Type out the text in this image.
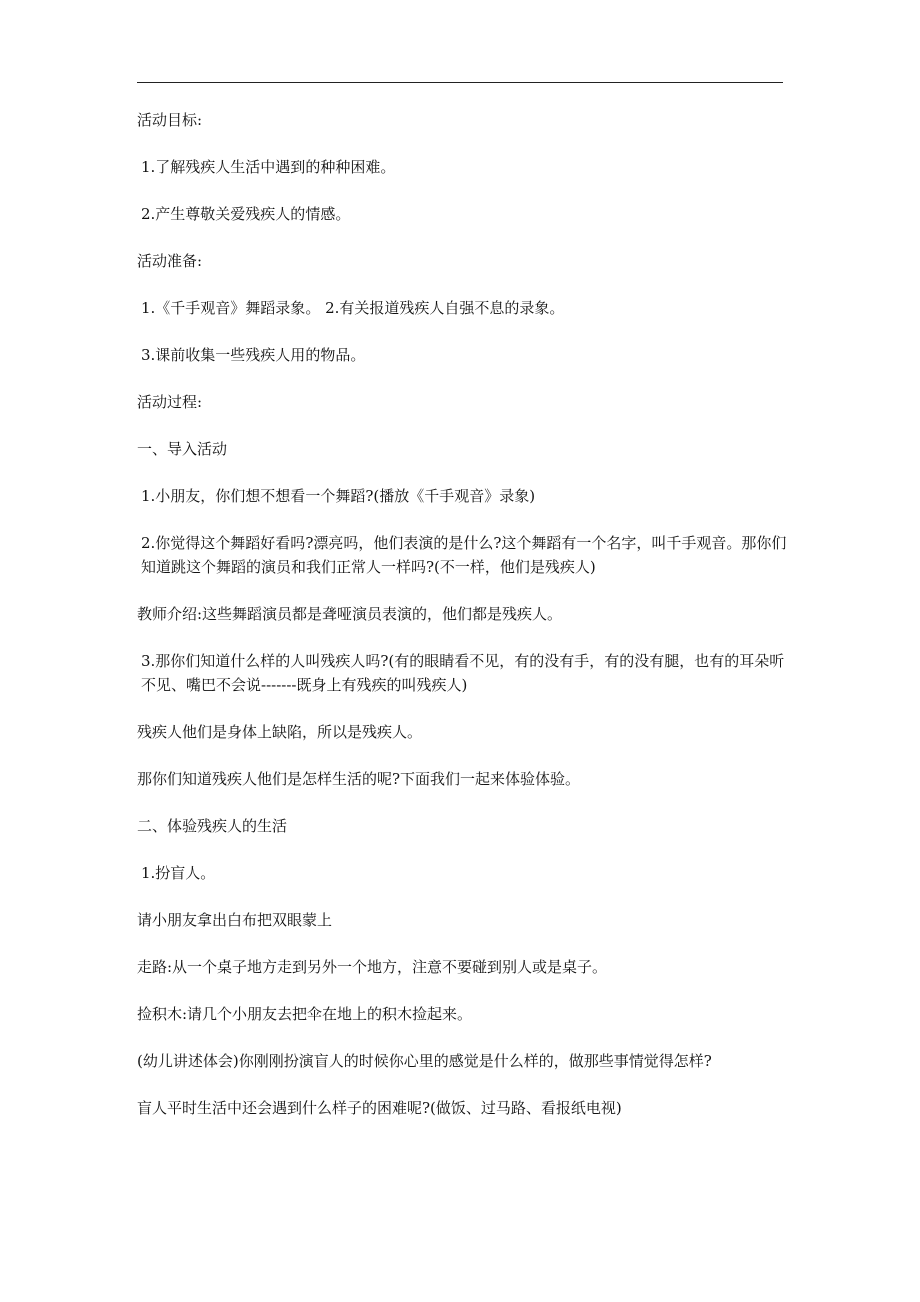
活动目标:
1.了解残疾人生活中遇到的种种困难。
2.产生尊敬关爱残疾人的情感。
活动准备:
1.《千手观音》舞蹈录象。 2.有关报道残疾人自强不息的录象。
3.课前收集一些残疾人用的物品。
活动过程:
一、导入活动
1.小朋友，你们想不想看一个舞蹈?(播放《千手观音》录象)
2.你觉得这个舞蹈好看吗?漂亮吗，他们表演的是什么?这个舞蹈有一个名字，叫千手观音。那你们知道跳这个舞蹈的演员和我们正常人一样吗?(不一样，他们是残疾人)
教师介绍:这些舞蹈演员都是聋哑演员表演的，他们都是残疾人。
3.那你们知道什么样的人叫残疾人吗?(有的眼睛看不见，有的没有手，有的没有腿，也有的耳朵听不见、嘴巴不会说-------既身上有残疾的叫残疾人)
残疾人他们是身体上缺陷，所以是残疾人。
那你们知道残疾人他们是怎样生活的呢?下面我们一起来体验体验。
二、体验残疾人的生活
1.扮盲人。
请小朋友拿出白布把双眼蒙上
走路:从一个桌子地方走到另外一个地方，注意不要碰到别人或是桌子。
捡积木:请几个小朋友去把伞在地上的积木捡起来。
(幼儿讲述体会)你刚刚扮演盲人的时候你心里的感觉是什么样的，做那些事情觉得怎样?
盲人平时生活中还会遇到什么样子的困难呢?(做饭、过马路、看报纸电视)
